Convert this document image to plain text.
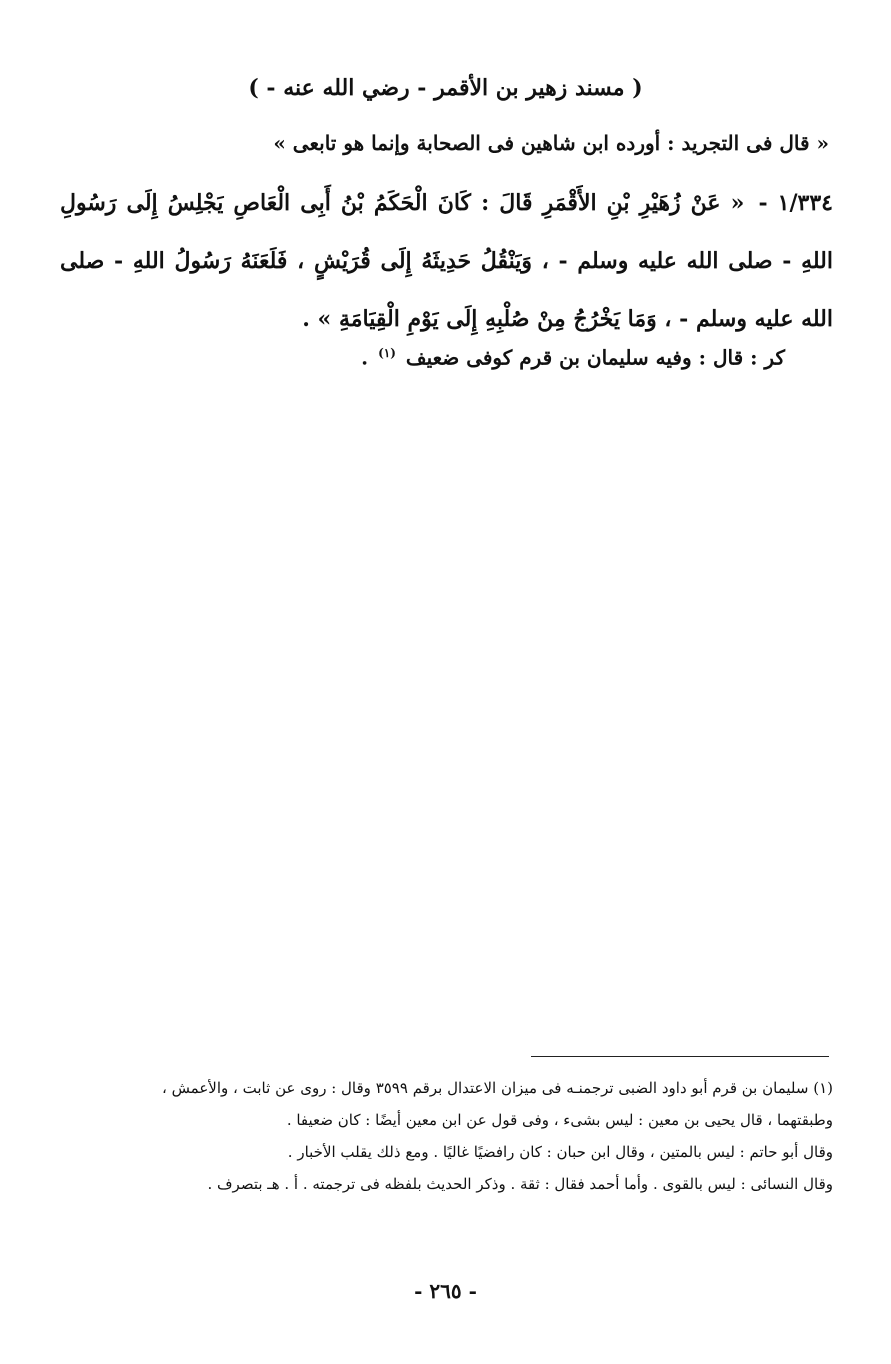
( مسند زهير بن الأقمر - رضي الله عنه - )
« قال فى التجريد : أورده ابن شاهين فى الصحابة وإنما هو تابعى »
١/٣٣٤ - « عَنْ زُهَيْرِ بْنِ الأَقْمَرِ قَالَ : كَانَ الْحَكَمُ بْنُ أَبِى الْعَاصِ يَجْلِسُ إِلَى رَسُولِ اللهِ - صلى الله عليه وسلم - ، وَيَنْقُلُ حَدِيثَهُ إِلَى قُرَيْشٍ ، فَلَعَنَهُ رَسُولُ اللهِ - صلى الله عليه وسلم - ، وَمَا يَخْرُجُ مِنْ صُلْبِهِ إِلَى يَوْمِ الْقِيَامَةِ » .
كر : قال : وفيه سليمان بن قرم كوفى ضعيف $^{(١)}$ .
(١) سليمان بن قرم أبو داود الضبى ترجمنـه فى ميزان الاعتدال برقم ٣٥٩٩ وقال : روى عن ثابت ، والأعمش ،
وطبقتهما ، قال يحيى بن معين : ليس بشىء ، وفى قول عن ابن معين أيضًا : كان ضعيفا .
وقال أبو حاتم : ليس بالمتين ، وقال ابن حبان : كان رافضيًا غاليًا . ومع ذلك يقلب الأخبار .
وقال النسائى : ليس بالقوى . وأما أحمد فقال : ثقة . وذكر الحديث بلفظه فى ترجمته . أ . هـ بتصرف .
- ٢٦٥ -
